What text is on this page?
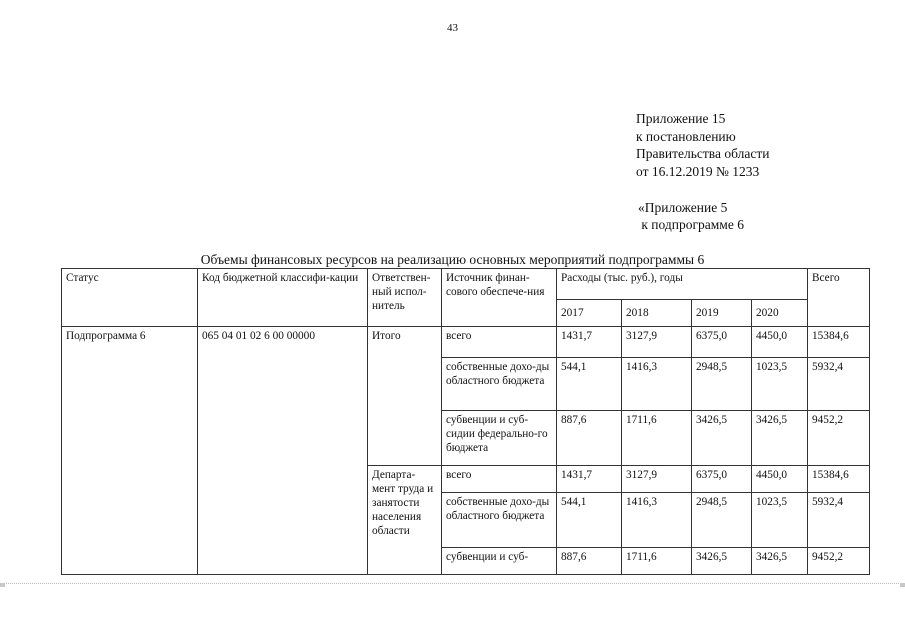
43
Приложение 15
к постановлению
Правительства области
от 16.12.2019 № 1233
«Приложение 5
к подпрограмме 6
Объемы финансовых ресурсов на реализацию основных мероприятий подпрограммы 6
Статус	Код бюджетной классифи-кации	Ответствен-ный испол-нитель	Источник финан-сового обеспече-ния	Расходы (тыс. руб.), годы				Всего
				2017	2018	2019	2020	
Подпрограмма 6	065 04 01 02 6 00 00000	Итого	всего	1431,7	3127,9	6375,0	4450,0	15384,6
			собственные дохо-ды областного бюджета	544,1	1416,3	2948,5	1023,5	5932,4
			субвенции и суб-сидии федерально-го бюджета	887,6	1711,6	3426,5	3426,5	9452,2
		Департа-мент труда и занятости населения области	всего	1431,7	3127,9	6375,0	4450,0	15384,6
			собственные дохо-ды областного бюджета	544,1	1416,3	2948,5	1023,5	5932,4
			субвенции и суб-	887,6	1711,6	3426,5	3426,5	9452,2
